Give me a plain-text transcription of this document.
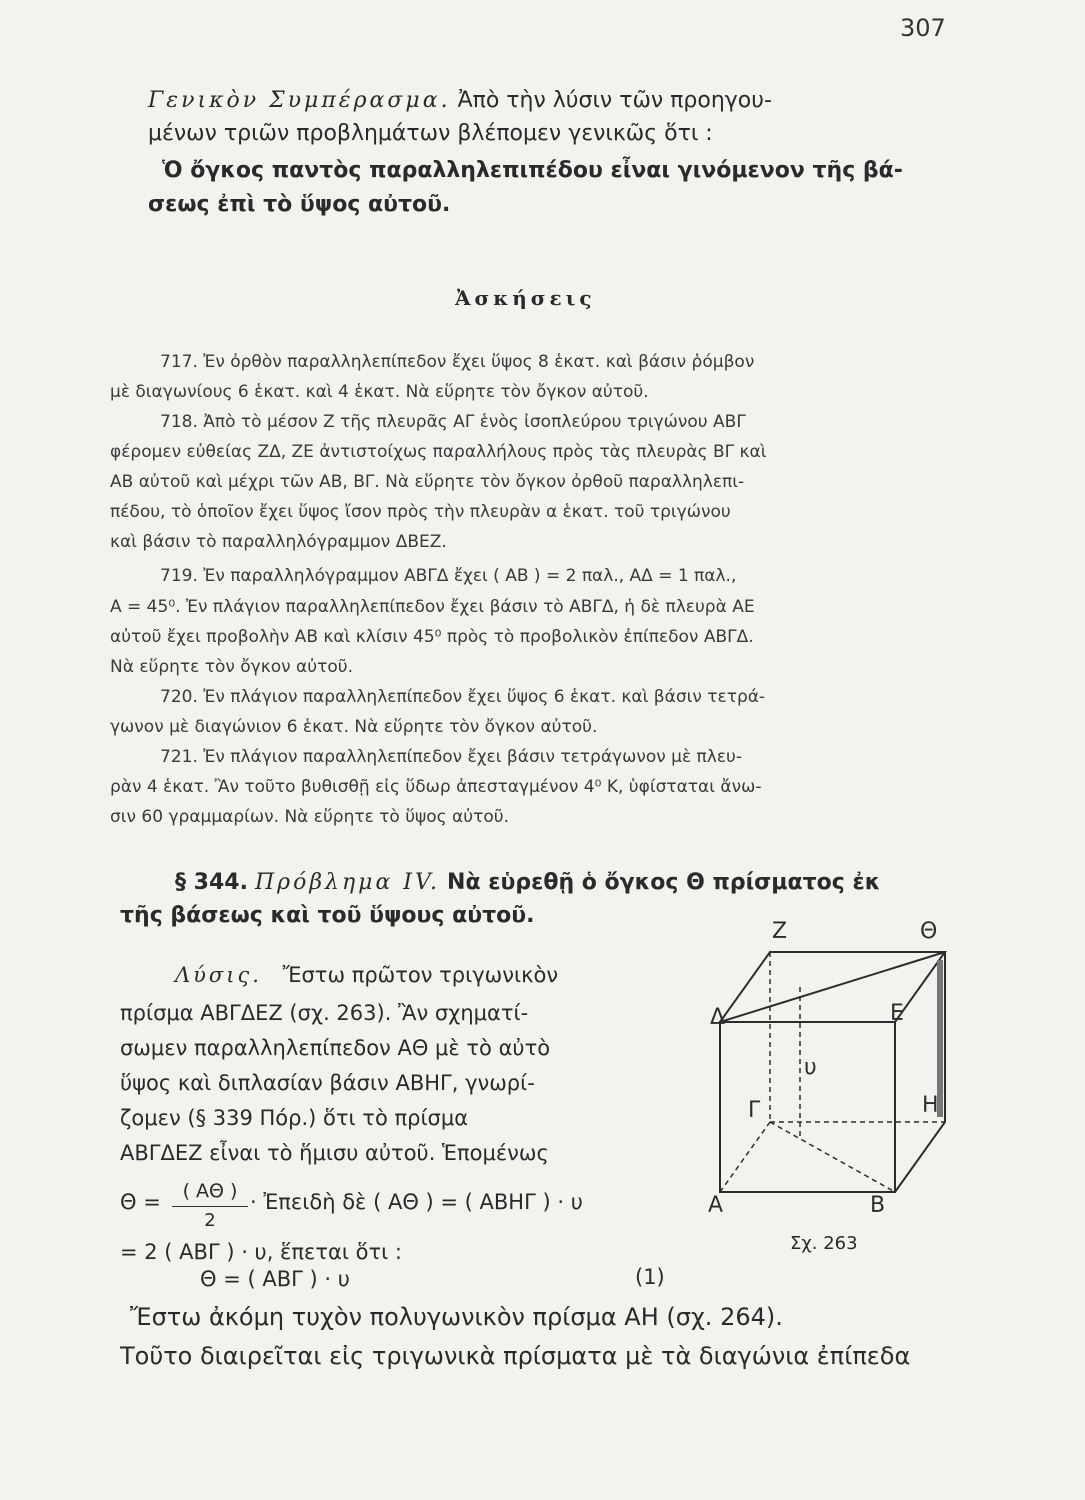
307
Γενικὸν Συμπέρασμα. Ἀπὸ τὴν λύσιν τῶν προηγου-
μένων τριῶν προβλημάτων βλέπομεν γενικῶς ὅτι :
Ὁ ὄγκος παντὸς παραλληλεπιπέδου εἶναι γινόμενον τῆς βά-
σεως ἐπὶ τὸ ὕψος αὐτοῦ.
Ἀσκήσεις
717. Ἐν ὀρθὸν παραλληλεπίπεδον ἔχει ὕψος 8 ἑκατ. καὶ βάσιν ῥόμβον
μὲ διαγωνίους 6 ἑκατ. καὶ 4 ἑκατ. Νὰ εὕρητε τὸν ὄγκον αὐτοῦ.
718. Ἀπὸ τὸ μέσον Ζ τῆς πλευρᾶς ΑΓ ἑνὸς ἰσοπλεύρου τριγώνου ΑΒΓ
φέρομεν εὐθείας ΖΔ, ΖΕ ἀντιστοίχως παραλλήλους πρὸς τὰς πλευρὰς ΒΓ καὶ
ΑΒ αὐτοῦ καὶ μέχρι τῶν ΑΒ, ΒΓ. Νὰ εὕρητε τὸν ὄγκον ὀρθοῦ παραλληλεπι-
πέδου, τὸ ὁποῖον ἔχει ὕψος ἴσον πρὸς τὴν πλευρὰν α ἑκατ. τοῦ τριγώνου
καὶ βάσιν τὸ παραλληλόγραμμον ΔΒΕΖ.
719. Ἐν παραλληλόγραμμον ΑΒΓΔ ἔχει ( ΑΒ ) = 2 παλ., ΑΔ = 1 παλ.,
Α = 45⁰. Ἐν πλάγιον παραλληλεπίπεδον ἔχει βάσιν τὸ ΑΒΓΔ, ἡ δὲ πλευρὰ ΑΕ
αὐτοῦ ἔχει προβολὴν ΑΒ καὶ κλίσιν 45⁰ πρὸς τὸ προβολικὸν ἐπίπεδον ΑΒΓΔ.
Νὰ εὕρητε τὸν ὄγκον αὐτοῦ.
720. Ἐν πλάγιον παραλληλεπίπεδον ἔχει ὕψος 6 ἑκατ. καὶ βάσιν τετρά-
γωνον μὲ διαγώνιον 6 ἑκατ. Νὰ εὕρητε τὸν ὄγκον αὐτοῦ.
721. Ἐν πλάγιον παραλληλεπίπεδον ἔχει βάσιν τετράγωνον μὲ πλευ-
ρὰν 4 ἑκατ. Ἂν τοῦτο βυθισθῇ εἰς ὕδωρ ἀπεσταγμένον 4⁰ Κ, ὑφίσταται ἄνω-
σιν 60 γραμμαρίων. Νὰ εὕρητε τὸ ὕψος αὐτοῦ.
§ 344. Πρόβλημα IV. Νὰ εὑρεθῇ ὁ ὄγκος Θ πρίσματος ἐκ
τῆς βάσεως καὶ τοῦ ὕψους αὐτοῦ.
Λύσις. Ἔστω πρῶτον τριγωνικὸν
πρίσμα ΑΒΓΔΕΖ (σχ. 263). Ἂν σχηματί-
σωμεν παραλληλεπίπεδον ΑΘ μὲ τὸ αὐτὸ
ὕψος καὶ διπλασίαν βάσιν ΑΒΗΓ, γνωρί-
ζομεν (§ 339 Πόρ.) ὅτι τὸ πρίσμα
ΑΒΓΔΕΖ εἶναι τὸ ἥμισυ αὐτοῦ. Ἑπομένως
Θ =	( ΑΘ )
2
· Ἐπειδὴ δὲ ( ΑΘ ) = ( ΑΒΗΓ ) · υ
= 2 ( ΑΒΓ ) · υ, ἕπεται ὅτι :
Θ = ( ΑΒΓ ) · υ	(1)
Ἔστω ἀκόμη τυχὸν πολυγωνικὸν πρίσμα ΑΗ (σχ. 264).
Τοῦτο διαιρεῖται εἰς τριγωνικὰ πρίσματα μὲ τὰ διαγώνια ἐπίπεδα
Ζ	Θ
Δ	Ε
υ
Γ	Η
Α	Β
Σχ. 263
